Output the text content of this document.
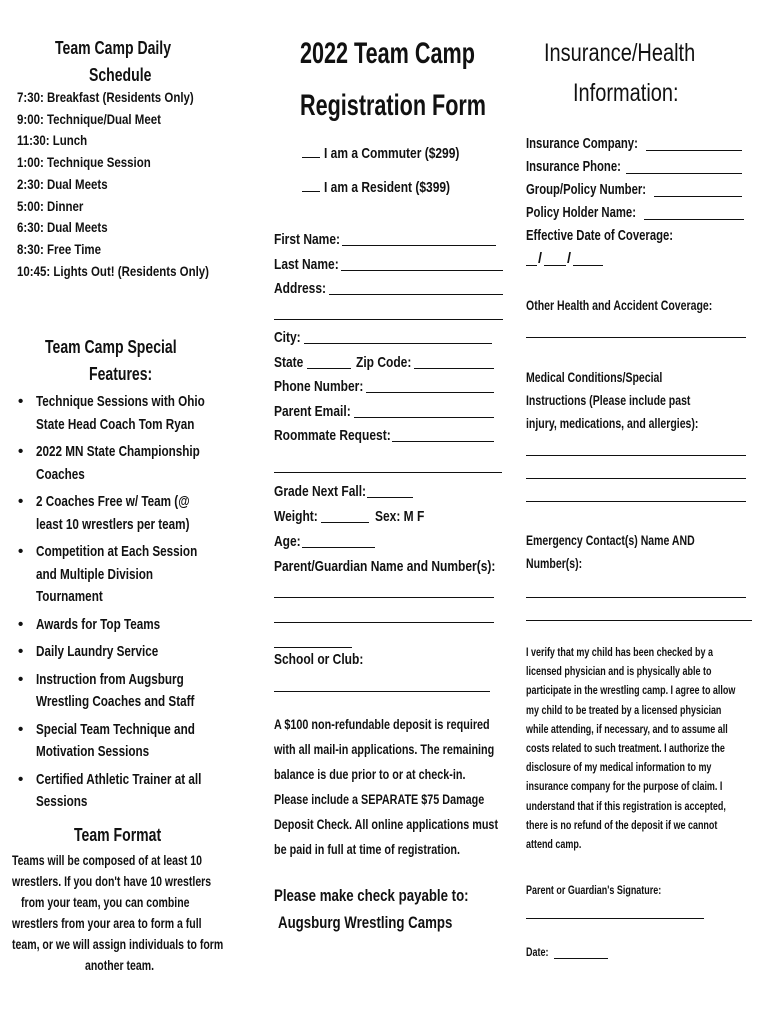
Team Camp Daily
Schedule
7:30: Breakfast (Residents Only)
9:00: Technique/Dual Meet
11:30: Lunch
1:00: Technique Session
2:30: Dual Meets
5:00: Dinner
6:30: Dual Meets
8:30: Free Time
10:45: Lights Out! (Residents Only)
Team Camp Special
Features:
• Technique Sessions with Ohio
State Head Coach Tom Ryan
• 2022 MN State Championship
Coaches
• 2 Coaches Free w/ Team (@
least 10 wrestlers per team)
• Competition at Each Session
and Multiple Division
Tournament
• Awards for Top Teams
• Daily Laundry Service
• Instruction from Augsburg
Wrestling Coaches and Staff
• Special Team Technique and
Motivation Sessions
• Certified Athletic Trainer at all
Sessions
Team Format
Teams will be composed of at least 10
wrestlers. If you don't have 10 wrestlers
from your team, you can combine
wrestlers from your area to form a full
team, or we will assign individuals to form
another team.
2022 Team Camp
Registration Form
I am a Commuter ($299)
I am a Resident ($399)
First Name:
Last Name:
Address:
City:
State	Zip Code:
Phone Number:
Parent Email:
Roommate Request:
Grade Next Fall:
Weight:	Sex: M F
Age:
Parent/Guardian Name and Number(s):
School or Club:
A $100 non-refundable deposit is required
with all mail-in applications. The remaining
balance is due prior to or at check-in.
Please include a SEPARATE $75 Damage
Deposit Check. All online applications must
be paid in full at time of registration.
Please make check payable to:
Augsburg Wrestling Camps
Insurance/Health
Information:
Insurance Company:
Insurance Phone:
Group/Policy Number:
Policy Holder Name:
Effective Date of Coverage:
/ /
Other Health and Accident Coverage:
Medical Conditions/Special
Instructions (Please include past
injury, medications, and allergies):
Emergency Contact(s) Name AND
Number(s):
I verify that my child has been checked by a
licensed physician and is physically able to
participate in the wrestling camp. I agree to allow
my child to be treated by a licensed physician
while attending, if necessary, and to assume all
costs related to such treatment. I authorize the
disclosure of my medical information to my
insurance company for the purpose of claim. I
understand that if this registration is accepted,
there is no refund of the deposit if we cannot
attend camp.
Parent or Guardian's Signature:
Date:
